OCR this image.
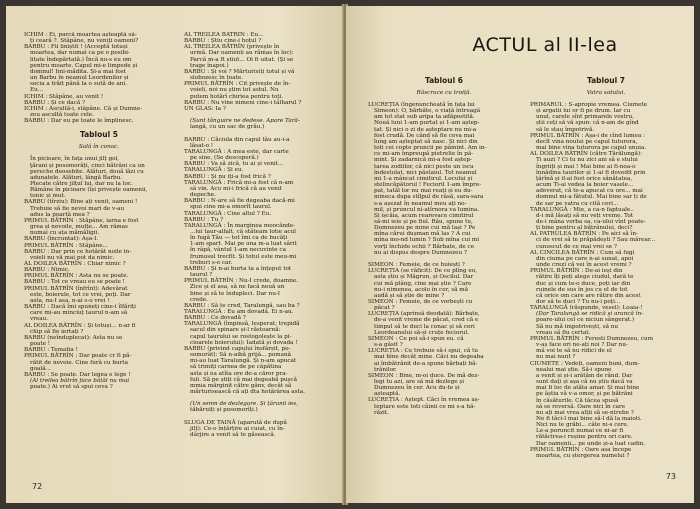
ICHIM : Ei, parcă moartea așteaptă să-
ți ceară ?. Stăpâne, nu veniți oameni?
BARBU : Fii liniștit ! (Acceptă totuși
moartea, dar numai ca pe o posibi-
litate îndepărtată.) Încă nu-s eu om
pentru moarte. Capul mi-e limpede și
domnul! Imi-mădita. Și-a mai fost
un Barbu în neamul Leordenilor și
socia a trăit până la o sută de ani.
Eu...
ICHIM : Stăpâne, au venit !
BARBU : Și ce dacă ?
ICHIM : Ascultă-i, stăpâne. Că și Dumne-
zeu ascultă toate cele.
BARBU : Dar eu pe toate le împlinesc.
Tabloul 5
Sală în conac.
În picioare, în fața unui jilț gol,
ţărani și posomorâți, cinci bătrâni ca un
pereche deosebite. Alături, două lăzi cu
adunatele. Alături, lângă Barbu.
Plecate către jilțul lui, dar nu la loc.
Rămâne în picioare (își privește oamenii,
tonic și mut.
BARBU (tîrziu): Bine ați venit, oameni !
Trebuie să fie nevoi mari de v-au
adus la poartă mea ?
PRIMUL BĂTRÎN : Stăpâne, iarna e fost
grea și nevoile, mulțe... Am rămas
numai cu ața mămăligii.
BARBU (încruntat): Așa-I.
PRIMUL BĂTRÎN : Stăpâne...
BARBU : Dar prin ce hotărât noile in-
voieli nu vă mai pot da nimic.
AL DOILEA BĂTRÎN : Chiar nimic ?
BARBU : Nimic.
PRIMUL BĂTRÎN : Asta nu se poate.
BARBU : Tot ce vreau eu se poate !
PRIMUL BĂTRÎN (înfrînt): Adevărat
este, boierule, tot ce vrei, poți. Dar
asta, nu-I asa, n-ai s-o vrei !
BARBU : Dacă îmi spuneți cine-i îlfăriți
care mi-au minciuț taurul n-am să
vreau.
AL DOILEA BĂTRÎN : Și totuși... n-ar fi
chip să fie iertați ?
BARBU (neînduplecat): Asta nu se
poate !
BARBU : Tematia !
PRIMUL BĂTRÎN : Dar poate cr fi pă-
rătit de nevoie. Cine fură cu burta
goală...
BARBU : Se poate. Dar legea e lege !
(Al treilea bătrîn face bătăi nu mai
poate.) Ai vrut să spui ceva ?
AL TREILEA BĂTRÎN : Eu...
BARBU : Știu cine-i hoțul ?
AL TREILEA BĂTRÎN (privește în
urmă. Dar oamenii au rămas în loc):
Parcă m-a ft știut... Oi fi uitat. (Și se
trage înapoi.)
BARBU : Și voi ? Mărturisiți totul și vă
slobozesc în toate.
PRIMUL BĂTRÎN : Cit privește de în-
voieli, noi nu știm tot astul. Nu
putem hotărî chiriea pentru toți.
BARBU : Nu vine nimeni cine-i tâlharul ?
UN GLAS: Ia ?
(Sunt tânguire ne dedese. Apare Tară-
langă, cu un sac de grâu.)
BARBU : Căciula din capul tău au-i-a
lăsat-o !
TARALUNGĂ : A mea este, dar carte
pe sine, (Se descoperă.)
BARBU : Va să zică, tu ai și venit...
TARALUNGĂ : Și eu.
BARBU : Și nu iți-a fost frică ?
TARALUNGĂ : Frică mi-a fost că n-am
să vin. Acu mi-i frică că au venit
depeche.
BARBU : N-are să fie degeaba dacă-mi
spui cine mi-a omorît taurul.
TARALUNGĂ : Cine altul ? Eu.
BARBU : Tu ?
TARALUNGĂ : În marginea moocânde-
...lui taur-alfalt, că stăteam lotie acul
în fugă Tău — tot îmi ca de bucăți
1-am spart. Mai pe una m-a luat sârit
în râpă, vântul 1-am necuvinte ca
frumosul trecfit. Și totul este meu-mi
treburi s-o car.
BARBU : Și n-ai burta ta a înțeput tot
taurul ?
PRIMUL BĂTRÎN : Nu-I crede, doamne.
Zice și el asa, să ne facă nouă un
bine și să te îndupleci. Dar nu-I
crede.
BARBU : Să te cred, Taralungă, sau ba ?
TARALUNGĂ : Eu am dovadă. Ei n-au.
BARBU : Ce dovadă ?
TARALUNGĂ (împinsă, lesperat; trepidă
sacul din spinare și-l răstoarnă:
capul taurului se rostogolește la pi-
cioarele boierului): Iadată și dovada !
BARBU (privind capului însfârșit, po-
somorât): Să n-aibă grijă... pomană
mi-au luat Taralungă. Și n-am apucat
să trimiți carnea de pe căpătina
asta și ea atîta ore de-a căror pra-
fuli. Să pe știți că mai degeabă pușcă
mmia mărginit către gânv, decât să
mărturisească că ați dta hotărârea asta.
(Un semn de dezlegare. Și țăranii ies,
tăbăruiți și posomorîți.)
SLUGA DE TAINĂ (aparută de după
jilț): Ce-o înțărțire ai cuiat, cu în-
dârjire a venit să te găsească.
72
ACTUL al II-lea
Tabloul 6
Răscruce cu troiță.
LUCREȚIA (îngenuncheată în fața lui
Simeon): O, bărbăte, o viață întreagă
am tot stat sub aripa ta adăpostită.
Nouă luni 1-am purtat și 1-am aștep-
tat. Și nici o zi de așteptare nu mi-a
fost crudă. De când să fie ceva mai
lung am așteptat să nasc. Și nici din
toti cei copte pruncii pe pămint. Am in-
ce mi-am împreupă pietrelie în pă-
mint. Și zadarnică mi-a fost aștep-
tarea zodiilor, că nici peste un iscu
îndestulat, nici păstaiul. Tot neamul
mi 1-a mâncat cimitirul. Locului și
stelincăpătorul ! Fecioril 1-am împre-
pat, tatăl lor nu mai reați și eu du-
mineca dupa stîlpul de râsă, sara-sara
s-a așezat în neamul meu ați no-
mil, și pruncul ni-atîrnora va lumina.
Și ișcăia, acum rearevace cimitirul
să-mi ieie și pe fiul. Rău, spune tu,
Dumnezeu pe mine cui mă lași ? Pe
mîna cărui dușman mă las ? A cui
mîna mo-nd lumin ? Sub mîna cui mi
vorți închide ochii ? Bărbate, de ce
nu ai dispus despre Dumnezeu ?
SIMEON : Femeie, de ce huiești ?
LUCREȚIA (se răficit): De ce plîng eu,
asta știu și Măgrun, și Oscilul. Dar
cui mă plâng, cine mai știe ? Care
nu-i nimenea, acolo în cer, să mă
audă și să știe de mine ?
SIMEON : Femeie, de ce vorbești cu
păcat ?
LUCREȚIA (aprinsă deodată): Bărbate,
de-a venit vreme de păcat, cred că e
timpul să te duci la conac și să ceri
Leordeanului să-și cruțe feciorul.
SIMEON : Ce poi să-i spun eu. că
s-a găsit ?
LUCREȚIA : Ce trebuie să-i spui, că tu
mai bine decât mine. Căci nu degeaba
ai îmbătrânit de-a spune bărbați bă-
trânilor.
SIMEON : Bine, m-oi duce. De mă dez-
legi tu azi, are să mă dezlege și
Dumnezeu în cer. Acu du-te și
așteaptă.
LUCREȚIA : Aștept. Căci în vremea aș-
teptare este toti câinii ce mi s-a hă-
răzit.
Tabloul 7
Vatra satului.
PRIMARUL : S-apropie vremea. Ciumete
și argatii lui or fi pe drum. Iar cu
unul, carele sînt primarele vostru,
știi ceți să vă spun: că n-am de gînd
să le stau împotrivă.
PRIMUL BĂTRÎN : Așa-i de cînd lumea :
decît vina noului pe capul tuturora,
mai bine vina tuturora pe capul unuia.
AL DOILEA BĂTRÎN (către Tărălungă):
Ți auzi ? Ci tu nu zici ani să e stului
îngriiți și mai ! Mai bine ai fi-noa-o
înnădina taurilor și 1-ai fi dovedit prin
țărînă și il-ai fost orice sănătatea,
acum Ti-ai vedea la boier vasele...
adeverat, că te-a apucat cu ore... mai
domnul mi-a fătutul. Mai bine sar ți de
de sar pe vatra cu cită ceri...
TARALUNGĂ : Mie, a ca-n faptuale..
d-i mă lăsați să nu veți vreme. Tot
de-i mâna vorba sa, ca-ului vînt poate-
ți bine pentru al bătrânului, deci?
AL PATRULEA BĂTRÎN : Pe aici să în-
ci de vrei să te prăpădești ? Sau mărear...
cunoscut de ce mai vrei se ?
AL CINCILEA BĂTRÎN : Cum să fugi
din ciuma pe care n-ai sunat, apoi
unde crezi că vei în acest vremi ?
PRIMUL BĂTRÎN : De-ai ieși din
rătire îți poți alege ciudul, dară te
duc și cum te-o duce, poți iar din
ruinele de sus în jos cu el de tot
că orice om care are rătire din acest
dor să te duci ? Tu nu-i poți...
TARALUNGĂ (răspunde, vesel): Loaia-!
(Dar Taralungă se ridică și aruncă în-
poare-ului cel ce niciun sângerat.)
Să nu mă impotrivești, să nu
vreau să fiu certat.
PRIMUL BĂTRÎN : Feresti Dumnezeu, cum
v-aș face ori ne-ați noi ? Dar nu-
mă voi te să nu ridici de el
nu mai nunt ?
CIUMETE : Vedeți, oameni buni, dum-
nealui mai știe. Să-i spune
a venit și și-i arătăm de rând. Dar
sunt dați și așa că nu știu dacă va
mai fi loc de atâta amar. Și mai bine
pe ăștia vă v-a omor, și pe bătrâni
în căsăturile. Că tăcea spusă
să se reversă. Oare nici în care
nu ați mai vrea alții să se-ntrebe ?
Ne fi tăci-l mai bine să-l dă la maioti.
Nici nu te grăbi... câte ni-s cere.
Le-a poruncit numai ce ni-ar fi
rătăcirea-i rușine pentru ori care.
Dar oamenii... pe unde și-a luat cadin.
PRIMUL BĂTRÎN : Oare asa începe
moartea, cu ștergerea numelui ?
73
